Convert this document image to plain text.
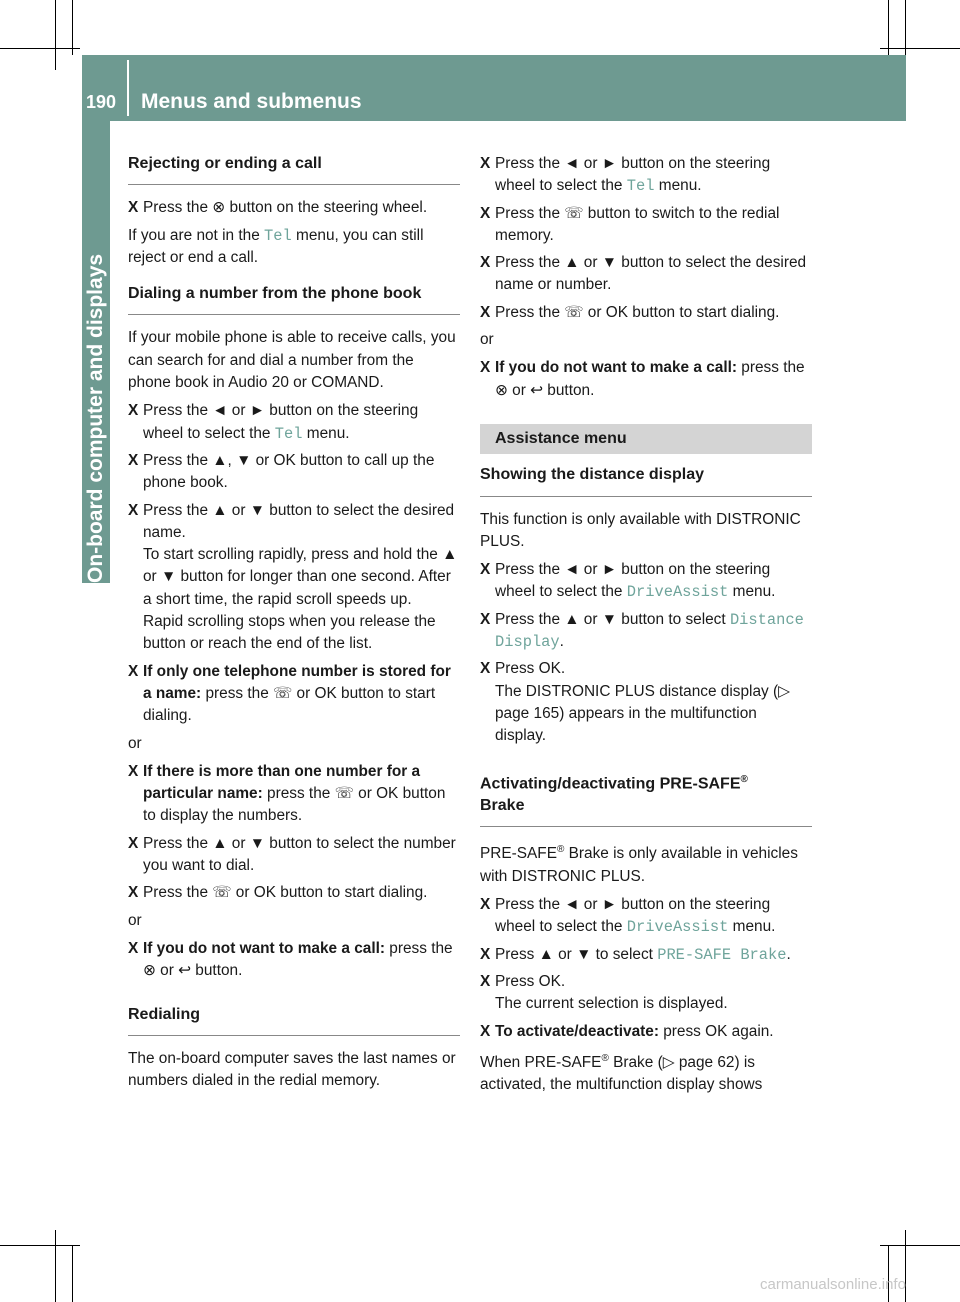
190 Menus and submenus
On-board computer and displays
Rejecting or ending a call
X Press the ⊗ button on the steering wheel.

If you are not in the Tel menu, you can still reject or end a call.

Dialing a number from the phone book

If your mobile phone is able to receive calls, you can search for and dial a number from the phone book in Audio 20 or COMAND.

X Press the ◄ or ► button on the steering wheel to select the Tel menu.
X Press the ▲, ▼ or OK button to call up the phone book.
X Press the ▲ or ▼ button to select the desired name.
To start scrolling rapidly, press and hold the ▲ or ▼ button for longer than one second. After a short time, the rapid scroll speeds up.
Rapid scrolling stops when you release the button or reach the end of the list.
X If only one telephone number is stored for a name: press the ☏ or OK button to start dialing.

or

X If there is more than one number for a particular name: press the ☏ or OK button to display the numbers.
X Press the ▲ or ▼ button to select the number you want to dial.
X Press the ☏ or OK button to start dialing.

or

X If you do not want to make a call: press the ⊗ or ↩ button.
Redialing

The on-board computer saves the last names or numbers dialed in the redial memory.

X Press the ◄ or ► button on the steering wheel to select the Tel menu.
X Press the ☏ button to switch to the redial memory.
X Press the ▲ or ▼ button to select the desired name or number.
X Press the ☏ or OK button to start dialing.

or

X If you do not want to make a call: press the ⊗ or ↩ button.
Assistance menu
Showing the distance display

This function is only available with DISTRONIC PLUS.

X Press the ◄ or ► button on the steering wheel to select the DriveAssist menu.
X Press the ▲ or ▼ button to select Distance Display.
X Press OK.
The DISTRONIC PLUS distance display (▷ page 165) appears in the multifunction display.
Activating/deactivating PRE-SAFE®
Brake

PRE-SAFE® Brake is only available in vehicles with DISTRONIC PLUS.

X Press the ◄ or ► button on the steering wheel to select the DriveAssist menu.
X Press ▲ or ▼ to select PRE-SAFE Brake.
X Press OK.
The current selection is displayed.
X To activate/deactivate: press OK again.

When PRE-SAFE® Brake (▷ page 62) is activated, the multifunction display shows

carmanualsonline.info
